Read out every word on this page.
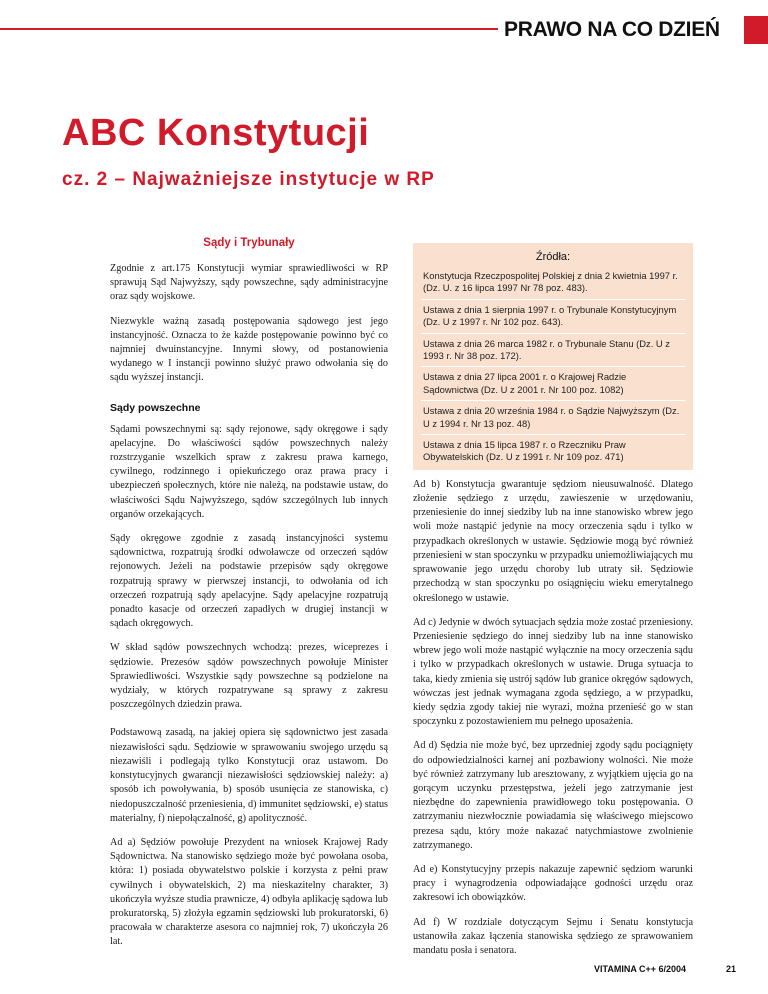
PRAWO NA CO DZIEŃ
ABC Konstytucji
cz. 2 – Najważniejsze instytucje w RP
Sądy i Trybunały

Zgodnie z art.175 Konstytucji wymiar sprawiedliwości w RP sprawują Sąd Najwyższy, sądy powszechne, sądy administracyjne oraz sądy wojskowe.

Niezwykle ważną zasadą postępowania sądowego jest jego instancyjność. Oznacza to że każde postępowanie powinno być co najmniej dwuinstancyjne. Innymi słowy, od postanowienia wydanego w I instancji powinno służyć prawo odwołania się do sądu wyższej instancji.

Sądy powszechne

Sądami powszechnymi są: sądy rejonowe, sądy okręgowe i sądy apelacyjne. Do właściwości sądów powszechnych należy rozstrzyganie wszelkich spraw z zakresu prawa karnego, cywilnego, rodzinnego i opiekuńczego oraz prawa pracy i ubezpieczeń społecznych, które nie należą, na podstawie ustaw, do właściwości Sądu Najwyższego, sądów szczególnych lub innych organów orzekających.

Sądy okręgowe zgodnie z zasadą instancyjności systemu sądownictwa, rozpatrują środki odwoławcze od orzeczeń sądów rejonowych. Jeżeli na podstawie przepisów sądy okręgowe rozpatrują sprawy w pierwszej instancji, to odwołania od ich orzeczeń rozpatrują sądy apelacyjne. Sądy apelacyjne rozpatrują ponadto kasacje od orzeczeń zapadłych w drugiej instancji w sądach okręgowych.

W skład sądów powszechnych wchodzą: prezes, wiceprezes i sędziowie. Prezesów sądów powszechnych powołuje Minister Sprawiedliwości. Wszystkie sądy powszechne są podzielone na wydziały, w których rozpatrywane są sprawy z zakresu poszczególnych dziedzin prawa.

Podstawową zasadą, na jakiej opiera się sądownictwo jest zasada niezawisłości sądu. Sędziowie w sprawowaniu swojego urzędu są niezawiśli i podlegają tylko Konstytucji oraz ustawom. Do konstytucyjnych gwarancji niezawisłości sędziowskiej należy: a) sposób ich powoływania, b) sposób usunięcia ze stanowiska, c) niedopuszczalność przeniesienia, d) immunitet sędziowski, e) status materialny, f) niepołączalność, g) apolityczność.

Ad a) Sędziów powołuje Prezydent na wniosek Krajowej Rady Sądownictwa. Na stanowisko sędziego może być powołana osoba, która: 1) posiada obywatelstwo polskie i korzysta z pełni praw cywilnych i obywatelskich, 2) ma nieskazitelny charakter, 3) ukończyła wyższe studia prawnicze, 4) odbyła aplikację sądowa lub prokuratorską, 5) złożyła egzamin sędziowski lub prokuratorski, 6) pracowała w charakterze asesora co najmniej rok, 7) ukończyła 26 lat.

Źródła:
Konstytucja Rzeczpospolitej Polskiej z dnia 2 kwietnia 1997 r. (Dz. U. z 16 lipca 1997 Nr 78 poz. 483).
Ustawa z dnia 1 sierpnia 1997 r. o Trybunale Konstytucyjnym (Dz. U z 1997 r. Nr 102 poz. 643).
Ustawa z dnia 26 marca 1982 r. o Trybunale Stanu (Dz. U z 1993 r. Nr 38 poz. 172).
Ustawa z dnia 27 lipca 2001 r. o Krajowej Radzie Sądownictwa (Dz. U z 2001 r. Nr 100 poz. 1082)
Ustawa z dnia 20 września 1984 r. o Sądzie Najwyższym (Dz. U z 1994 r. Nr 13 poz. 48)
Ustawa z dnia 15 lipca 1987 r. o Rzeczniku Praw Obywatelskich (Dz. U z 1991 r. Nr 109 poz. 471)

Ad b) Konstytucja gwarantuje sędziom nieusuwalność. Dlatego złożenie sędziego z urzędu, zawieszenie w urzędowaniu, przeniesienie do innej siedziby lub na inne stanowisko wbrew jego woli może nastąpić jedynie na mocy orzeczenia sądu i tylko w przypadkach określonych w ustawie. Sędziowie mogą być również przeniesieni w stan spoczynku w przypadku uniemożliwiających mu sprawowanie jego urzędu choroby lub utraty sił. Sędziowie przechodzą w stan spoczynku po osiągnięciu wieku emerytalnego określonego w ustawie.

Ad c) Jedynie w dwóch sytuacjach sędzia może zostać przeniesiony. Przeniesienie sędziego do innej siedziby lub na inne stanowisko wbrew jego woli może nastąpić wyłącznie na mocy orzeczenia sądu i tylko w przypadkach określonych w ustawie. Druga sytuacja to taka, kiedy zmienia się ustrój sądów lub granice okręgów sądowych, wówczas jest jednak wymagana zgoda sędziego, a w przypadku, kiedy sędzia zgody takiej nie wyrazi, można przenieść go w stan spoczynku z pozostawieniem mu pełnego uposażenia.

Ad d) Sędzia nie może być, bez uprzedniej zgody sądu pociągnięty do odpowiedzialności karnej ani pozbawiony wolności. Nie może być również zatrzymany lub aresztowany, z wyjątkiem ujęcia go na gorącym uczynku przestępstwa, jeżeli jego zatrzymanie jest niezbędne do zapewnienia prawidłowego toku postępowania. O zatrzymaniu niezwłocznie powiadamia się właściwego miejscowo prezesa sądu, który może nakazać natychmiastowe zwolnienie zatrzymanego.

Ad e) Konstytucyjny przepis nakazuje zapewnić sędziom warunki pracy i wynagrodzenia odpowiadające godności urzędu oraz zakresowi ich obowiązków.

Ad f) W rozdziale dotyczącym Sejmu i Senatu konstytucja ustanowiła zakaz łączenia stanowiska sędziego ze sprawowaniem mandatu posła i senatora.

VITAMINA C++ 6/2004	21
